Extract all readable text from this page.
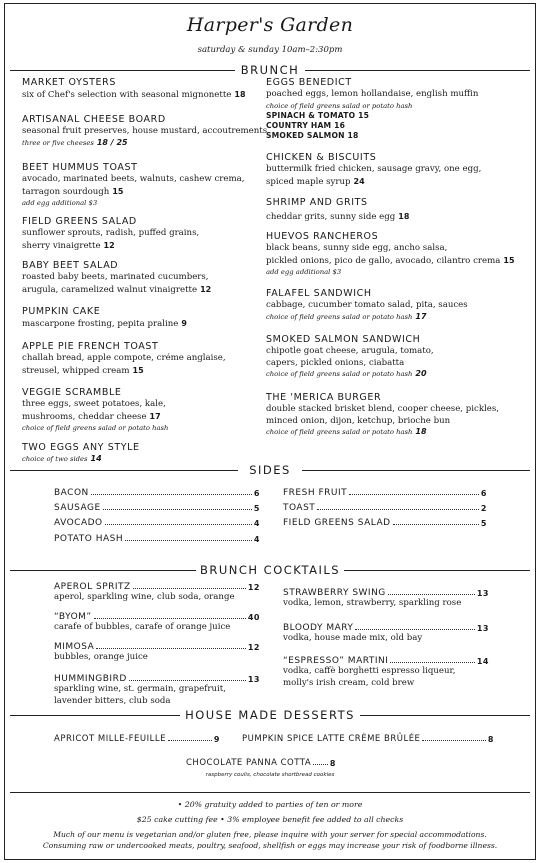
Harper's Garden
saturday & sunday 10am–2:30pm
BRUNCH
MARKET OYSTERS
six of Chef's selection with seasonal mignonette 18
ARTISANAL CHEESE BOARD
seasonal fruit preserves, house mustard, accoutrements
three or five cheeses 18 / 25
BEET HUMMUS TOAST
avocado, marinated beets, walnuts, cashew crema,
tarragon sourdough 15
add egg additional $3
FIELD GREENS SALAD
sunflower sprouts, radish, puffed grains,
sherry vinaigrette 12
BABY BEET SALAD
roasted baby beets, marinated cucumbers,
arugula, caramelized walnut vinaigrette 12
PUMPKIN CAKE
mascarpone frosting, pepita praline 9
APPLE PIE FRENCH TOAST
challah bread, apple compote, créme anglaise,
streusel, whipped cream 15
VEGGIE SCRAMBLE
three eggs, sweet potatoes, kale,
mushrooms, cheddar cheese 17
choice of field greens salad or potato hash
TWO EGGS ANY STYLE
choice of two sides 14
EGGS BENEDICT
poached eggs, lemon hollandaise, english muffin
choice of field greens salad or potato hash
SPINACH & TOMATO 15
COUNTRY HAM 16
SMOKED SALMON 18
CHICKEN & BISCUITS
buttermilk fried chicken, sausage gravy, one egg,
spiced maple syrup 24
SHRIMP AND GRITS
cheddar grits, sunny side egg 18
HUEVOS RANCHEROS
black beans, sunny side egg, ancho salsa,
pickled onions, pico de gallo, avocado, cilantro crema 15
add egg additional $3
FALAFEL SANDWICH
cabbage, cucumber tomato salad, pita, sauces
choice of field greens salad or potato hash 17
SMOKED SALMON SANDWICH
chipotle goat cheese, arugula, tomato,
capers, pickled onions, ciabatta
choice of field greens salad or potato hash 20
THE 'MERICA BURGER
double stacked brisket blend, cooper cheese, pickles,
minced onion, dijon, ketchup, brioche bun
choice of field greens salad or potato hash 18
SIDES
BACON	6
SAUSAGE	5
AVOCADO	4
POTATO HASH	4
FRESH FRUIT	6
TOAST	2
FIELD GREENS SALAD	5
BRUNCH COCKTAILS
APEROL SPRITZ	12
aperol, sparkling wine, club soda, orange
“BYOM”	40
carafe of bubbles, carafe of orange juice
MIMOSA	12
bubbles, orange juice
HUMMINGBIRD	13
sparkling wine, st. germain, grapefruit,
lavender bitters, club soda
STRAWBERRY SWING	13
vodka, lemon, strawberry, sparkling rose
BLOODY MARY	13
vodka, house made mix, old bay
“ESPRESSO” MARTINI	14
vodka, caffè borghetti espresso liqueur,
molly's irish cream, cold brew
HOUSE MADE DESSERTS
APRICOT MILLE-FEUILLE	9	PUMPKIN SPICE LATTE CRÈME BRÛLÉE	8
CHOCOLATE PANNA COTTA 8
raspberry coulis, chocolate shortbread cookies
• 20% gratuity added to parties of ten or more
$25 cake cutting fee • 3% employee benefit fee added to all checks
Much of our menu is vegetarian and/or gluten free, please inquire with your server for special accommodations.
Consuming raw or undercooked meats, poultry, seafood, shellfish or eggs may increase your risk of foodborne illness.
